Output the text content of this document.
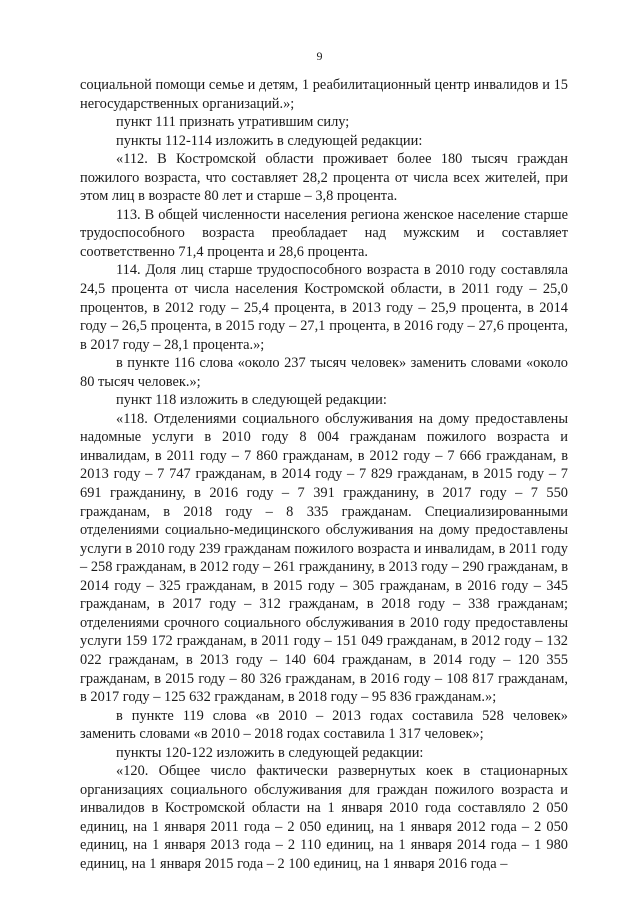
9

социальной помощи семье и детям, 1 реабилитационный центр инвалидов и 15 негосударственных организаций.»;

пункт 111 признать утратившим силу;

пункты 112-114 изложить в следующей редакции:

«112. В Костромской области проживает более 180 тысяч граждан пожилого возраста, что составляет 28,2 процента от числа всех жителей, при этом лиц в возрасте 80 лет и старше – 3,8 процента.

113. В общей численности населения региона женское население старше трудоспособного возраста преобладает над мужским и составляет соответственно 71,4 процента и 28,6 процента.

114. Доля лиц старше трудоспособного возраста в 2010 году составляла 24,5 процента от числа населения Костромской области, в 2011 году – 25,0 процентов, в 2012 году – 25,4 процента, в 2013 году – 25,9 процента, в 2014 году – 26,5 процента, в 2015 году – 27,1 процента, в 2016 году – 27,6 процента, в 2017 году – 28,1 процента.»;

в пункте 116 слова «около 237 тысяч человек» заменить словами «около 80 тысяч человек.»;

пункт 118 изложить в следующей редакции:

«118. Отделениями социального обслуживания на дому предоставлены надомные услуги в 2010 году 8 004 гражданам пожилого возраста и инвалидам, в 2011 году – 7 860 гражданам, в 2012 году – 7 666 гражданам, в 2013 году – 7 747 гражданам, в 2014 году – 7 829 гражданам, в 2015 году – 7 691 гражданину, в 2016 году – 7 391 гражданину, в 2017 году – 7 550 гражданам, в 2018 году – 8 335 гражданам. Специализированными отделениями социально-медицинского обслуживания на дому предоставлены услуги в 2010 году 239 гражданам пожилого возраста и инвалидам, в 2011 году – 258 гражданам, в 2012 году – 261 гражданину, в 2013 году – 290 гражданам, в 2014 году – 325 гражданам, в 2015 году – 305 гражданам, в 2016 году – 345 гражданам, в 2017 году – 312 гражданам, в 2018 году – 338 гражданам; отделениями срочного социального обслуживания в 2010 году предоставлены услуги 159 172 гражданам, в 2011 году – 151 049 гражданам, в 2012 году – 132 022 гражданам, в 2013 году – 140 604 гражданам, в 2014 году – 120 355 гражданам, в 2015 году – 80 326 гражданам, в 2016 году – 108 817 гражданам, в 2017 году – 125 632 гражданам, в 2018 году – 95 836 гражданам.»;

в пункте 119 слова «в 2010 – 2013 годах составила 528 человек» заменить словами «в 2010 – 2018 годах составила 1 317 человек»;

пункты 120-122 изложить в следующей редакции:

«120. Общее число фактически развернутых коек в стационарных организациях социального обслуживания для граждан пожилого возраста и инвалидов в Костромской области на 1 января 2010 года составляло 2 050 единиц, на 1 января 2011 года – 2 050 единиц, на 1 января 2012 года – 2 050 единиц, на 1 января 2013 года – 2 110 единиц, на 1 января 2014 года – 1 980 единиц, на 1 января 2015 года – 2 100 единиц, на 1 января 2016 года –
